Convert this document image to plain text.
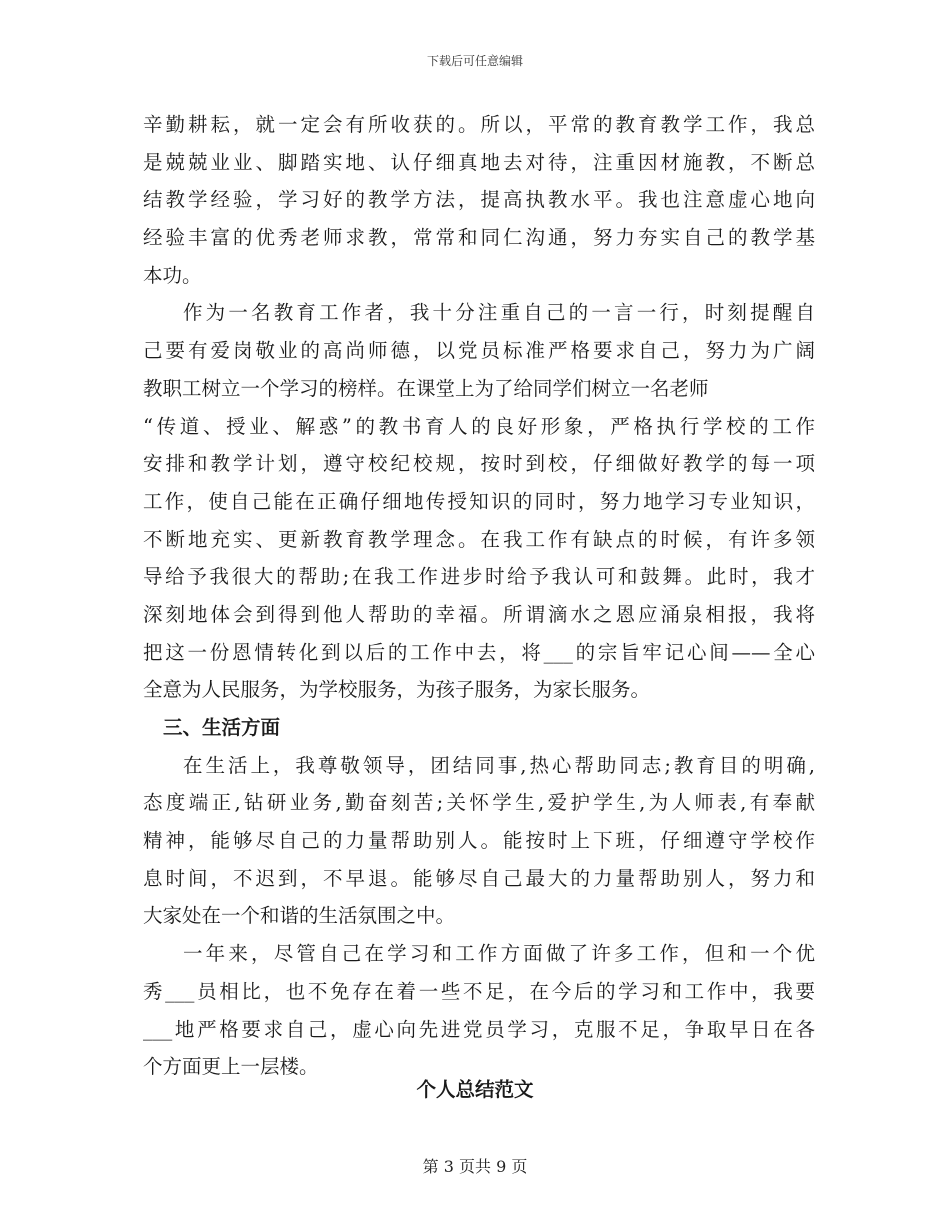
下载后可任意编辑
辛勤耕耘，就一定会有所收获的。所以，平常的教育教学工作，我总
是兢兢业业、脚踏实地、认仔细真地去对待，注重因材施教，不断总
结教学经验，学习好的教学方法，提高执教水平。我也注意虚心地向
经验丰富的优秀老师求教，常常和同仁沟通，努力夯实自己的教学基
本功。
作为一名教育工作者，我十分注重自己的一言一行，时刻提醒自
己要有爱岗敬业的高尚师德，以党员标准严格要求自己，努力为广阔
教职工树立一个学习的榜样。在课堂上为了给同学们树立一名老师
“传道、授业、解惑”的教书育人的良好形象，严格执行学校的工作
安排和教学计划，遵守校纪校规，按时到校，仔细做好教学的每一项
工作，使自己能在正确仔细地传授知识的同时，努力地学习专业知识，
不断地充实、更新教育教学理念。在我工作有缺点的时候，有许多领
导给予我很大的帮助;在我工作进步时给予我认可和鼓舞。此时，我才
深刻地体会到得到他人帮助的幸福。所谓滴水之恩应涌泉相报，我将
把这一份恩情转化到以后的工作中去，将___的宗旨牢记心间——全心
全意为人民服务，为学校服务，为孩子服务，为家长服务。
三、生活方面
在生活上，我尊敬领导，团结同事,热心帮助同志;教育目的明确,
态度端正,钻研业务,勤奋刻苦;关怀学生,爱护学生,为人师表,有奉献
精神，能够尽自己的力量帮助别人。能按时上下班，仔细遵守学校作
息时间，不迟到，不早退。能够尽自己最大的力量帮助别人，努力和
大家处在一个和谐的生活氛围之中。
一年来，尽管自己在学习和工作方面做了许多工作，但和一个优
秀___员相比，也不免存在着一些不足，在今后的学习和工作中，我要
___地严格要求自己，虚心向先进党员学习，克服不足，争取早日在各
个方面更上一层楼。
个人总结范文
第 3 页共 9 页
